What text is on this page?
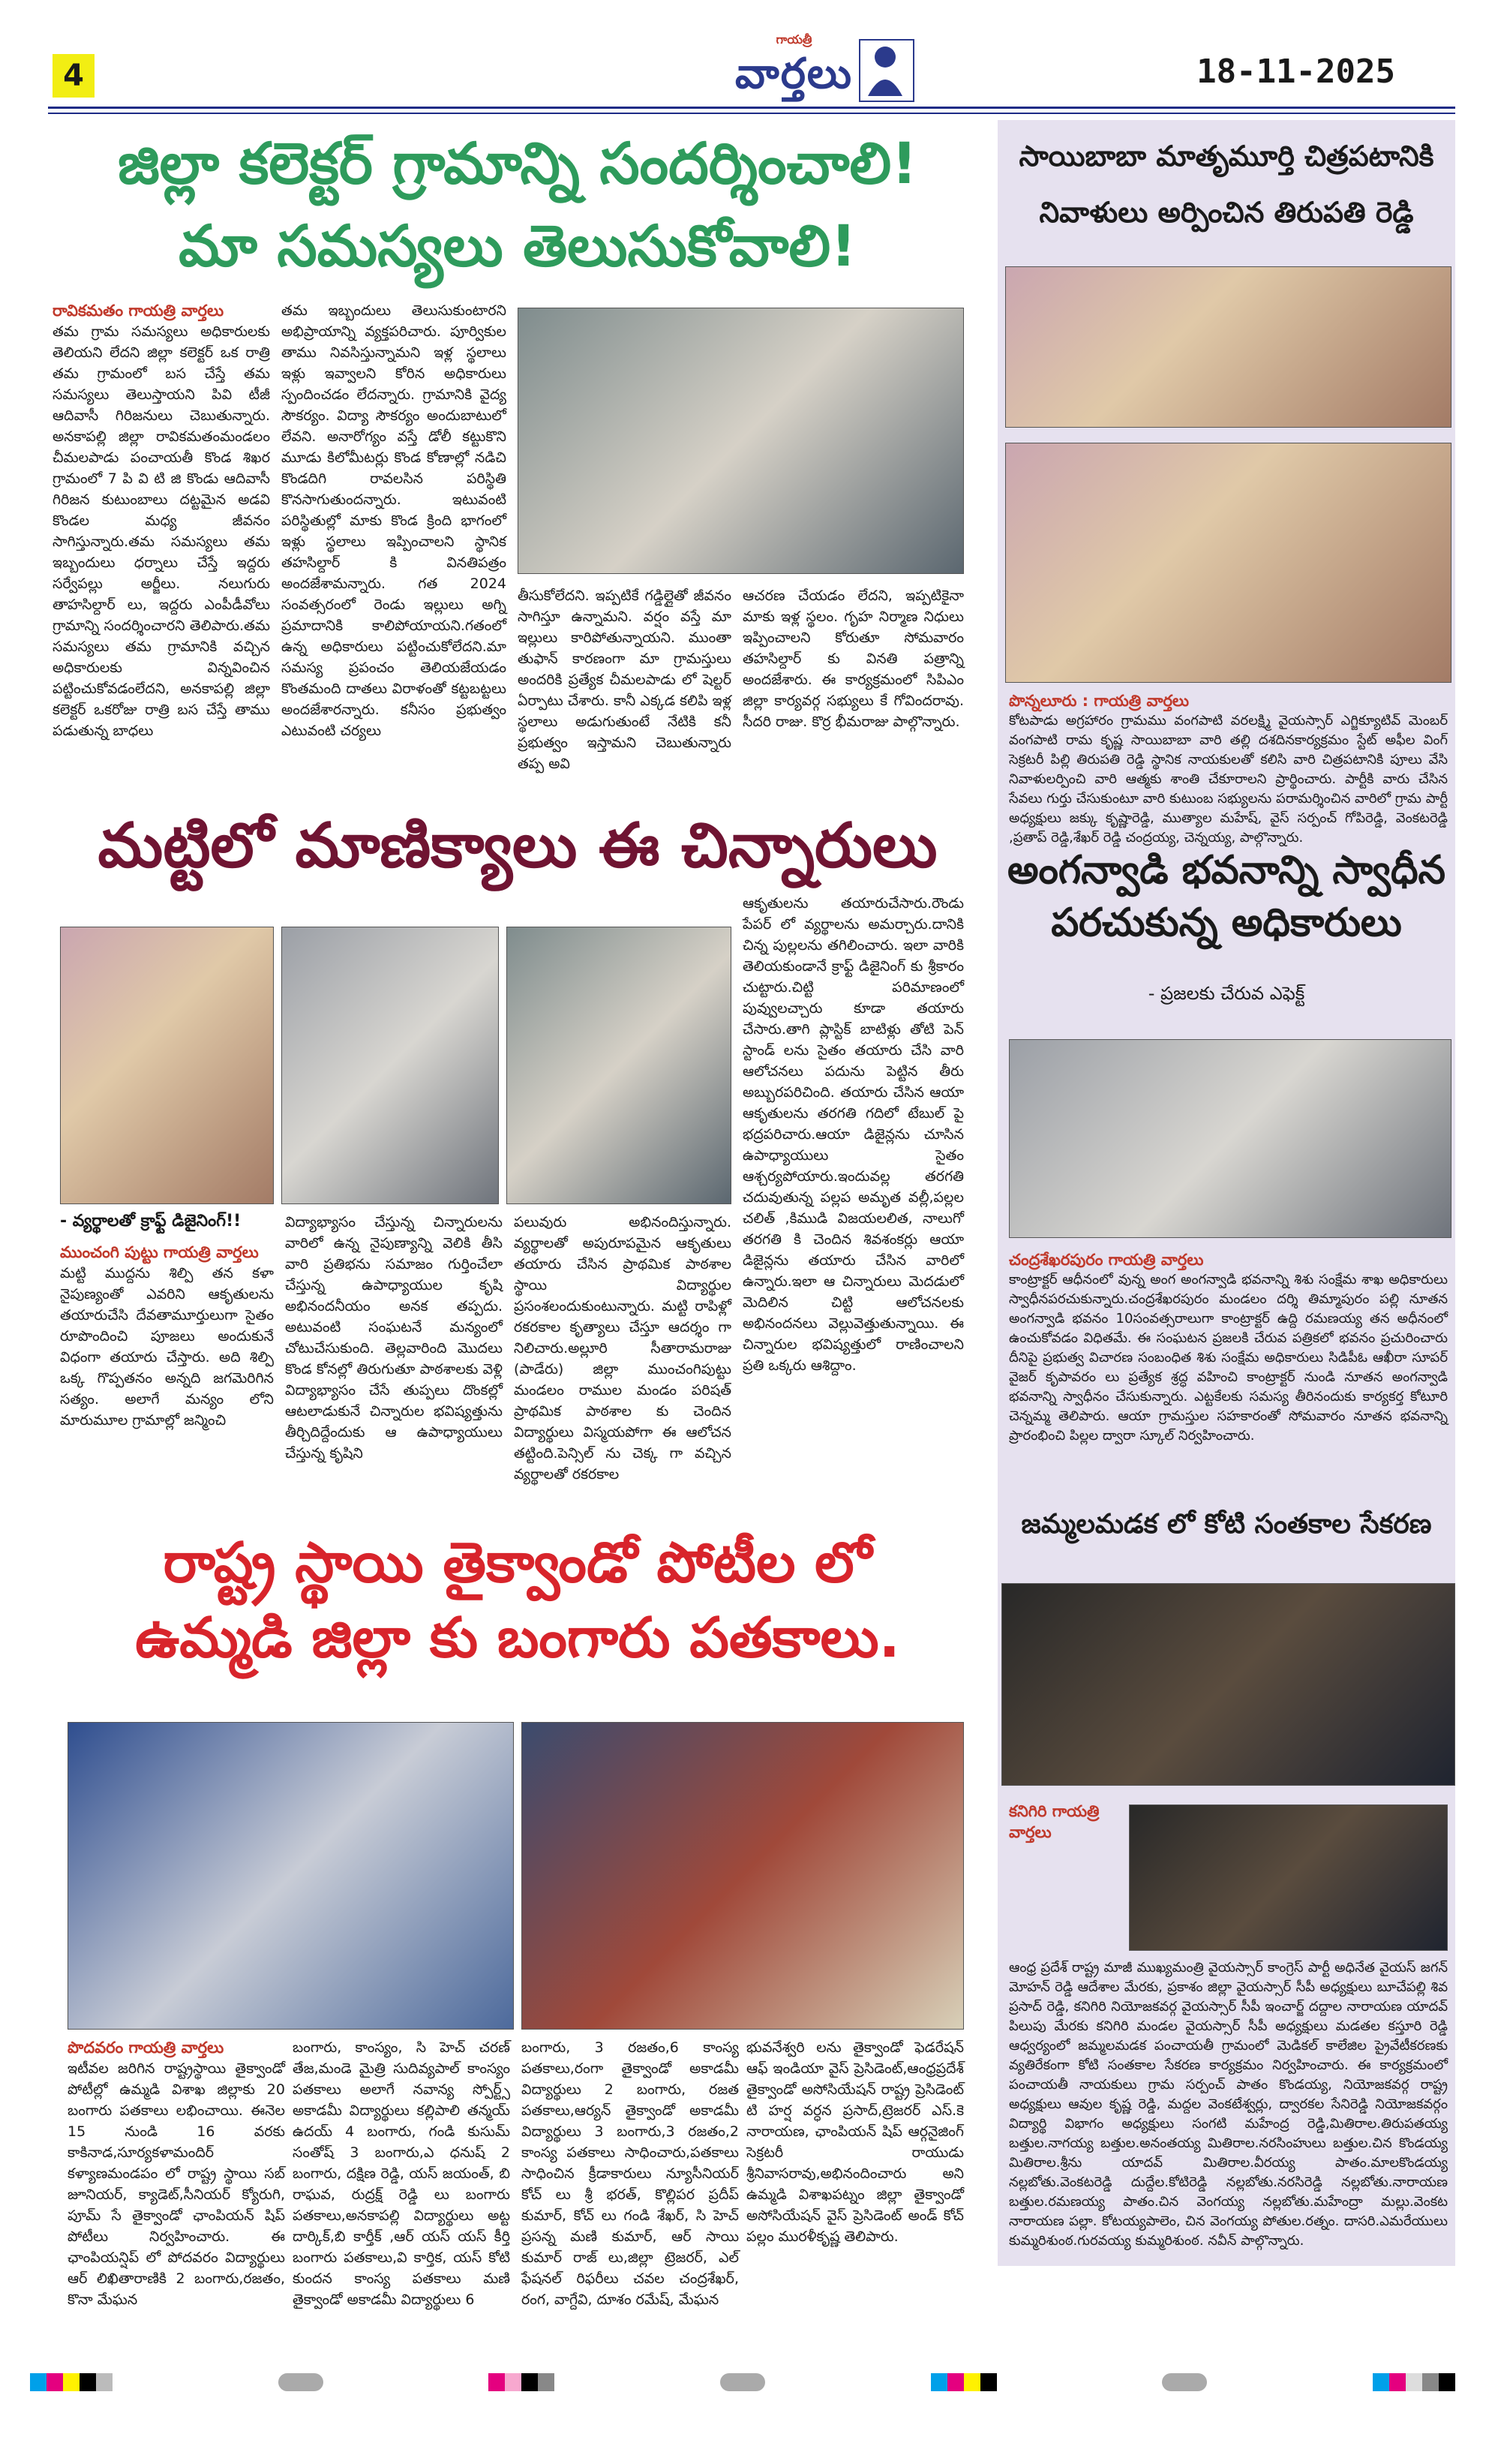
4
గాయత్రీ
వార్తలు	18-11-2025
జిల్లా కలెక్టర్ గ్రామాన్ని సందర్శించాలి!
మా సమస్యలు తెలుసుకోవాలి!
రావికమతం గాయత్రి వార్తలు
తమ గ్రామ సమస్యలు అధికారులకు తెలియని లేదని జిల్లా కలెక్టర్ ఒక రాత్రి తమ గ్రామంలో బస చేస్తే తమ సమస్యలు తెలుస్తాయని పివి టీజీ ఆదివాసీ గిరిజనులు చెబుతున్నారు. అనకాపల్లి జిల్లా రావికమతంమండలం చీమలపాడు పంచాయతీ కొండ శిఖర గ్రామంలో 7 పి వి టి జి కొండు ఆదివాసీ గిరిజన కుటుంబాలు దట్టమైన అడవి కొండల మధ్య జీవనం సాగిస్తున్నారు.తమ సమస్యలు తమ ఇబ్బందులు ధర్నాలు చేస్తే ఇద్దరు సర్వేపల్లు అర్జీలు. నలుగురు తాహసిల్దార్ లు, ఇద్దరు ఎంపీడీవోలు గ్రామాన్ని సందర్శించారని తెలిపారు.తమ సమస్యలు తమ గ్రామానికి వచ్చిన అధికారులకు విన్నవించిన పట్టించుకోవడంలేదని, అనకాపల్లి జిల్లా కలెక్టర్ ఒకరోజు రాత్రి బస చేస్తే తాము పడుతున్న బాధలు
తమ ఇబ్బందులు తెలుసుకుంటారని అభిప్రాయాన్ని వ్యక్తపరిచారు. పూర్వికుల తాము నివసిస్తున్నామని ఇళ్ల స్థలాలు ఇళ్లు ఇవ్వాలని కోరిన అధికారులు స్పందించడం లేదన్నారు. గ్రామానికి వైద్య సౌకర్యం. విద్యా సౌకర్యం అందుబాటులో లేవని. అనారోగ్యం వస్తే డోలీ కట్టుకొని మూడు కిలోమీటర్లు కొండ కోణాల్లో నడిచి కొండదిగి రావలసిన పరిస్థితి కొనసాగుతుందన్నారు. ఇటువంటి పరిస్థితుల్లో మాకు కొండ క్రింది భాగంలో ఇళ్లు స్థలాలు ఇప్పించాలని స్థానిక తహసిల్దార్ కి వినతిపత్రం అందజేశామన్నారు. గత 2024 సంవత్సరంలో రెండు ఇల్లులు అగ్ని ప్రమాదానికి కాలిపోయాయని.గతంలో ఉన్న అధికారులు పట్టించుకోలేదని.మా సమస్య ప్రపంచం తెలియజేయడం కొంతమంది దాతలు విరాళంతో కట్టబట్టలు అందజేశారన్నారు. కనీసం ప్రభుత్వం ఎటువంటి చర్యలు
తీసుకోలేదని. ఇప్పటికే గడ్డిల్లైతో జీవనం సాగిస్తూ ఉన్నామని. వర్షం వస్తే మా ఇల్లులు కారిపోతున్నాయని. ముంతా తుఫాన్ కారణంగా మా గ్రామస్తులు అందరికి ప్రత్యేక చీమలపాడు లో షెల్టర్ ఏర్పాటు చేశారు. కానీ ఎక్కడ కలిపి ఇళ్ల స్థలాలు అడుగుతుంటే నేటికి కనీ ప్రభుత్వం ఇస్తామని చెబుతున్నారు తప్ప అవి
ఆచరణ చేయడం లేదని, ఇప్పటికైనా మాకు ఇళ్ల స్థలం. గృహ నిర్మాణ నిధులు ఇప్పించాలని కోరుతూ సోమవారం తహసిల్దార్ కు వినతి పత్రాన్ని అందజేశారు. ఈ కార్యక్రమంలో సిపిఎం జిల్లా కార్యవర్గ సభ్యులు కే గోవిందరావు. సీదరి రాజు. కొర్ర భీమరాజు పాల్గొన్నారు.
మట్టిలో మాణిక్యాలు ఈ చిన్నారులు
- వ్యర్థాలతో క్రాఫ్ట్ డిజైనింగ్!!
ముంచంగి పుట్టు గాయత్రి వార్తలు
మట్టి ముద్దను శిల్పి తన కళా నైపుణ్యంతో ఎవరిని ఆకృతులను తయారుచేసి దేవతామూర్తులుగా సైతం రూపొందించి పూజలు అందుకునే విధంగా తయారు చేస్తారు. అది శిల్పి ఒక్క గొప్పతనం అన్నది జగమెరిగిన సత్యం. అలాగే మన్యం లోని మారుమూల గ్రామాల్లో జన్మించి
విద్యాభ్యాసం చేస్తున్న చిన్నారులను వారిలో ఉన్న నైపుణ్యాన్ని వెలికి తీసి వారి ప్రతిభను సమాజం గుర్తించేలా చేస్తున్న ఉపాధ్యాయుల కృషి అభినందనీయం అనక తప్పదు. అటువంటి సంఘటనే మన్యంలో చోటుచేసుకుంది. తెల్లవారింది మొదలు కొండ కోనల్లో తిరుగుతూ పాఠశాలకు వెళ్లి విద్యాభ్యాసం చేసే తుప్పలు దొంకల్లో ఆటలాడుకునే చిన్నారుల భవిష్యత్తును తీర్చిదిద్దేందుకు ఆ ఉపాధ్యాయులు చేస్తున్న కృషిని
పలువురు అభినందిస్తున్నారు. వ్యర్థాలతో అపురూపమైన ఆకృతులు తయారు చేసిన ప్రాథమిక పాఠశాల స్థాయి విద్యార్థుల ప్రసంశలందుకుంటున్నారు. మట్టి రాపిళ్లో రకరకాల కృత్యాలు చేస్తూ ఆదర్శం గా నిలిచారు.అల్లూరి సీతారామరాజు (పాడేరు) జిల్లా ముంచంగిపుట్టు మండలం రాముల మండం పరిషత్ ప్రాథమిక పాఠశాల కు చెందిన విద్యార్థులు విస్మయపోగా ఈ ఆలోచన తట్టింది.పెన్సిల్ ను చెక్క గా వచ్చిన వ్యర్థాలతో రకరకాల
ఆకృతులను తయారుచేసారు.రౌండు పేపర్ లో వ్యర్థాలను అమర్చారు.దానికి చిన్న పుల్లలను తగిలించారు. ఇలా వారికి తెలియకుండానే క్రాఫ్ట్ డిజైనింగ్ కు శ్రీకారం చుట్టారు.చిట్టి పరిమాణంలో పువ్వులచ్చారు కూడా తయారు చేసారు.తాగి ప్లాస్టిక్ బాటిళ్లు తోటి పెన్ స్టాండ్ లను సైతం తయారు చేసి వారి ఆలోచనలు పదును పెట్టిన తీరు అబ్బురపరిచింది. తయారు చేసిన ఆయా ఆకృతులను తరగతి గదిలో టేబుల్ పై భద్రపరిచారు.ఆయా డిజైన్లను చూసిన ఉపాధ్యాయులు సైతం ఆశ్చర్యపోయారు.ఇందువల్ల తరగతి చదువుతున్న పల్లప అమృత వల్లీ,పల్లల చలిత్ ,కిముడి విజయలలిత, నాలుగో తరగతి కి చెందిన శివశంకర్లు ఆయా డిజైన్లను తయారు చేసిన వారిలో ఉన్నారు.ఇలా ఆ చిన్నారులు మెదడులో మెదిలిన చిట్టి ఆలోచనలకు అభినందనలు వెల్లువెత్తుతున్నాయి. ఈ చిన్నారుల భవిష్యత్తులో రాణించాలని ప్రతి ఒక్కరు ఆశిద్దాం.
రాష్ట్ర స్థాయి తైక్వాండో పోటీల లో
ఉమ్మడి జిల్లా కు బంగారు పతకాలు.
పొదవరం గాయత్రి వార్తలు
ఇటీవల జరిగిన రాష్ట్రస్థాయి తైక్వాండో పోటీల్లో ఉమ్మడి విశాఖ జిల్లాకు 20 బంగారు పతకాలు లభించాయి. ఈనెల 15 నుండి 16 వరకు కాకినాడ,సూర్యకళామందిర్ కళ్యాణమండపం లో రాష్ట్ర స్థాయి సబ్ జూనియర్, క్యాడెట్,సీనియర్ క్యోరుగి, పూమ్ సే తైక్వాండో ఛాంపియన్ షిప్ పోటీలు నిర్వహించారు. ఈ ఛాంపియన్షిప్ లో పోదవరం విద్యార్థులు ఆర్ లిఖితారాణికి 2 బంగారు,రజతం, కొనా మేఘన
బంగారు, కాంస్యం, సి హెచ్ చరణ్ తేజ,మండె మైత్రి సుదివ్యపాల్ కాంస్యం పతకాలు అలాగే నవాన్య స్పోర్ట్స్ అకాడమీ విద్యార్థులు కల్లిపాలి తన్మయ్ ఉదయ్ 4 బంగారు, గండి కుసుమ్ సంతోష్ 3 బంగారు,ఎ ధనుష్ 2 బంగారు, దక్షిణ రెడ్డి, యస్ జయంత్, బి రాఘవ, రుద్రక్ష్ రెడ్డి లు బంగారు పతకాలు,అనకాపల్లి విద్యార్థులు అట్ట దార్కిక్,బి కార్తీక్ ,ఆర్ యస్ యస్ కీర్తి బంగారు పతకాలు,వి కార్తిక, యస్ కోటి కుందన కాంస్య పతకాలు మణి తైక్వాండో అకాడమీ విద్యార్థులు 6
బంగారు, 3 రజతం,6 కాంస్య పతకాలు,రంగా తైక్వాండో అకాడమీ విద్యార్థులు 2 బంగారు, రజత పతకాలు,ఆర్యన్ తైక్వాండో అకాడమీ విద్యార్థులు 3 బంగారు,3 రజతం,2 కాంస్య పతకాలు సాధించారు,పతకాలు సాధించిన క్రీడాకారులు న్యూసీనియర్ కోచ్ లు శ్రీ భరత్, కొల్లిపర ప్రదీప్ కుమార్, కోచ్ లు గండి శేఖర్, సి హెచ్ ప్రసన్న మణి కుమార్, ఆర్ సాయి కుమార్ రాజ్ లు,జిల్లా ట్రెజరర్, ఎల్ ఫేషనల్ రిఫరీలు చవల చంద్రశేఖర్, రంగ, వాగ్దేవి, దూశం రమేష్, మేఘన
భువనేశ్వరి లను తైక్వాండో ఫెడరేషన్ ఆఫ్ ఇండియా వైస్ ప్రెసిడెంట్,ఆంధ్రప్రదేశ్ తైక్వాండో అసోసియేషన్ రాష్ట్ర ప్రెసిడెంట్ టి హర్ష వర్ధన ప్రసాద్,ట్రెజరర్ ఎస్.కె నారాయణ, ఛాంపియన్ షిప్ ఆర్గనైజింగ్ సెక్రటరీ రాయుడు శ్రీనివాసరావు,అభినందించారు అని ఉమ్మడి విశాఖపట్నం జిల్లా తైక్వాండో అసోసియేషన్ వైస్ ప్రెసిడెంట్ అండ్ కోచ్ పల్లం మురళీకృష్ణ తెలిపారు.
సాయిబాబా మాతృమూర్తి చిత్రపటానికి
నివాళులు అర్పించిన తిరుపతి రెడ్డి
పొన్నలూరు : గాయత్రి వార్తలు
కోటపాడు అగ్రహారం గ్రామము వంగపాటి వరలక్ష్మి వైయస్సార్ ఎగ్జిక్యూటివ్ మెంబర్ వంగపాటి రామ కృష్ణ సాయిబాబా వారి తల్లి దశదినకార్యక్రమం స్టేట్ అఫీల వింగ్ సెక్రటరీ పిల్లి తిరుపతి రెడ్డి స్థానిక నాయకులతో కలిసి వారి చిత్రపటానికి పూలు వేసి నివాళులర్పించి వారి ఆత్మకు శాంతి చేకూరాలని ప్రార్థించారు. పార్టీకి వారు చేసిన సేవలు గుర్తు చేసుకుంటూ వారి కుటుంబ సభ్యులను పరామర్శించిన వారిలో గ్రామ పార్టీ అధ్యక్షులు జక్కు కృష్ణారెడ్డి, ముత్యాల మహేష్, వైస్ సర్పంచ్ గోపిరెడ్డి, వెంకటరెడ్డి ,ప్రతాప్ రెడ్డి,శేఖర్ రెడ్డి చంద్రయ్య, చెన్నయ్య, పాల్గొన్నారు.
అంగన్వాడి భవనాన్ని స్వాధీన
పరచుకున్న అధికారులు
- ప్రజలకు చేరువ ఎఫెక్ట్
చంద్రశేఖరపురం గాయత్రి వార్తలు
కాంట్రాక్టర్ ఆధీనంలో వున్న అంగ అంగన్వాడి భవనాన్ని శిశు సంక్షేమ శాఖ అధికారులు స్వాధీనపరచుకున్నారు.చంద్రశేఖరపురం మండలం దర్శి తిమ్మాపురం పల్లి నూతన అంగన్వాడి భవనం 10సంవత్సరాలుగా కాంట్రాక్టర్ ఉద్ది రమణయ్య తన అధీనంలో ఉంచుకోవడం విధితమే. ఈ సంఘటన ప్రజలకి చేరువ పత్రికలో భవనం ప్రచురించారు దీనిపై ప్రభుత్వ విచారణ సంబంధిత శిశు సంక్షేమ అధికారులు సిడిపీఓ ఆఖీరా సూపర్ వైజర్ కృపావరం లు ప్రత్యేక శ్రద్ధ వహించి కాంట్రాక్టర్ నుండి నూతన అంగన్వాడి భవనాన్ని స్వాధీనం చేసుకున్నారు. ఎట్టకేలకు సమస్య తీరినందుకు కార్యకర్త కోటూరి చెన్నమ్మ తెలిపారు. ఆయా గ్రామస్తుల సహకారంతో సోమవారం నూతన భవనాన్ని ప్రారంభించి పిల్లల ద్వారా స్కూల్ నిర్వహించారు.
జమ్మలమడక లో కోటి సంతకాల సేకరణ
కనిగిరి గాయత్రి వార్తలు
ఆంధ్ర ప్రదేశ్ రాష్ట్ర మాజీ ముఖ్యమంత్రి వైయస్సార్ కాంగ్రెస్ పార్టీ అధినేత వైయస్ జగన్ మోహన్ రెడ్డి ఆదేశాల మేరకు, ప్రకాశం జిల్లా వైయస్సార్ సీపీ అధ్యక్షులు బూచేపల్లి శివ ప్రసాద్ రెడ్డి, కనిగిరి నియోజకవర్గ వైయస్సార్ సీపీ ఇంచార్జ్ దద్దాల నారాయణ యాదవ్ పిలుపు మేరకు కనిగిరి మండల వైయస్సార్ సీపీ అధ్యక్షులు మడతల కస్తూరి రెడ్డి ఆధ్వర్యంలో జమ్మలమడక పంచాయతీ గ్రామంలో మెడికల్ కాలేజిల ప్రైవేటీకరణకు వ్యతిరేకంగా కోటి సంతకాల సేకరణ కార్యక్రమం నిర్వహించారు. ఈ కార్యక్రమంలో పంచాయతీ నాయకులు గ్రామ సర్పంచ్ పాతం కొండయ్య, నియోజకవర్గ రాష్ట్ర అధ్యక్షులు ఆవుల కృష్ణ రెడ్డి, మద్దల వెంకటేశ్వర్లు, ద్వారకల సేనిరెడ్డి నియోజకవర్గం విద్యార్థి విభాగం అధ్యక్షులు సంగటి మహేంద్ర రెడ్డి,మితిరాల.తిరుపతయ్య బత్తుల.నాగయ్య బత్తుల.అనంతయ్య మితిరాల.నరసింహులు బత్తుల.చిన కొండయ్య మితిరాల.శ్రీను యాదవ్ మితిరాల.వీరయ్య పాతం.మాలకొండయ్య నల్లబోతు.వెంకటరెడ్డి దుద్దేల.కోటిరెడ్డి నల్లబోతు.నరసిరెడ్డి నల్లబోతు.నారాయణ బత్తుల.రమణయ్య పాతం.చిన వెంగయ్య నల్లబోతు.మహేంద్రా మల్లు.వెంకట నారాయణ పల్లా. కోటయ్యపాలెం, చిన వెంగయ్య పోతుల.రత్నం. దాసరి.ఎమరేయులు కుమ్మరిశుంఠ.గురవయ్య కుమ్మరిశుంఠ. నవీన్ పాల్గొన్నారు.
